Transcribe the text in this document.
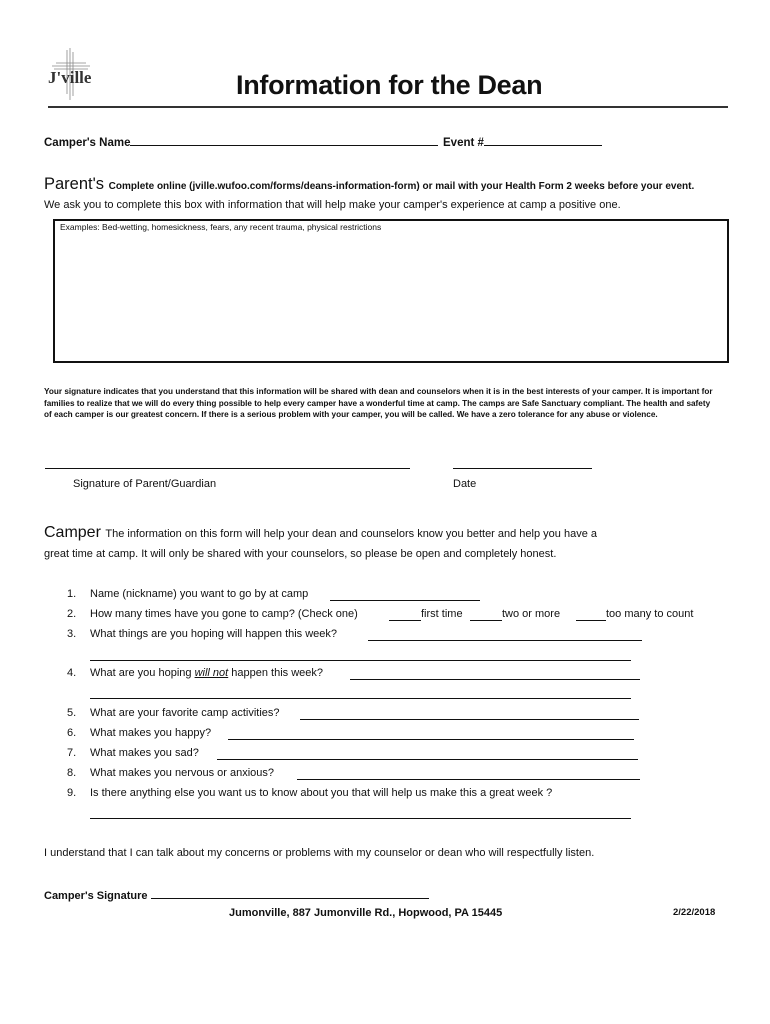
J'ville	Information for the Dean
Camper's Name	Event #
Parent's Complete online (jville.wufoo.com/forms/deans-information-form) or mail with your Health Form 2 weeks before your event.
We ask you to complete this box with information that will help make your camper's experience at camp a positive one.
Examples: Bed-wetting, homesickness, fears, any recent trauma, physical restrictions
Your signature indicates that you understand that this information will be shared with dean and counselors when it is in the best interests of your camper. It is important for families to realize that we will do every thing possible to help every camper have a wonderful time at camp. The camps are Safe Sanctuary compliant. The health and safety of each camper is our greatest concern. If there is a serious problem with your camper, you will be called. We have a zero tolerance for any abuse or violence.
Signature of Parent/Guardian	Date
Camper The information on this form will help your dean and counselors know you better and help you have a
great time at camp. It will only be shared with your counselors, so please be open and completely honest.
1. Name (nickname) you want to go by at camp
2. How many times have you gone to camp? (Check one)	first time	two or more	too many to count
3. What things are you hoping will happen this week?
4. What are you hoping will not happen this week?
5. What are your favorite camp activities?
6. What makes you happy?
7. What makes you sad?
8. What makes you nervous or anxious?
9. Is there anything else you want us to know about you that will help us make this a great week ?
I understand that I can talk about my concerns or problems with my counselor or dean who will respectfully listen.
Camper's Signature
Jumonville, 887 Jumonville Rd., Hopwood, PA 15445	2/22/2018
